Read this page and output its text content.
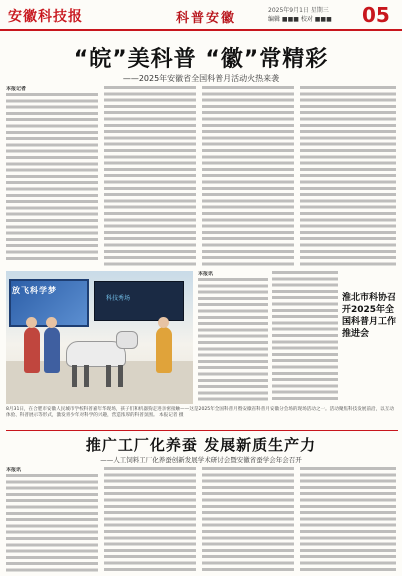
安徽科技报	科普安徽
2025年9月1日 星期三
编辑 ■■■ 校对 ■■■ 05
“皖”美科普 “徽”常精彩
——2025年安徽省全国科普月活动火热来袭
本报记者
放飞科学梦
科技秀场
本报讯
淮北市科协召开2025年全国科普月工作推进会
8月31日，在合肥市安徽人民城市学校科普嘉年华现场，孩子们和机器狗走进亲密接触——这是2025年全国科普月暨安徽省科普月安徽分会场的现场活动之一。活动聚焦科技发展前沿，以互动体验、科普展示等形式，激发青少年对科学的兴趣，营造浓厚的科普氛围。 本报记者 摄
推广工厂化养蚕 发展新质生产力
——人工饲料工厂化养蚕创新发展学术研讨会暨安徽省蚕学会年会召开
本报讯
